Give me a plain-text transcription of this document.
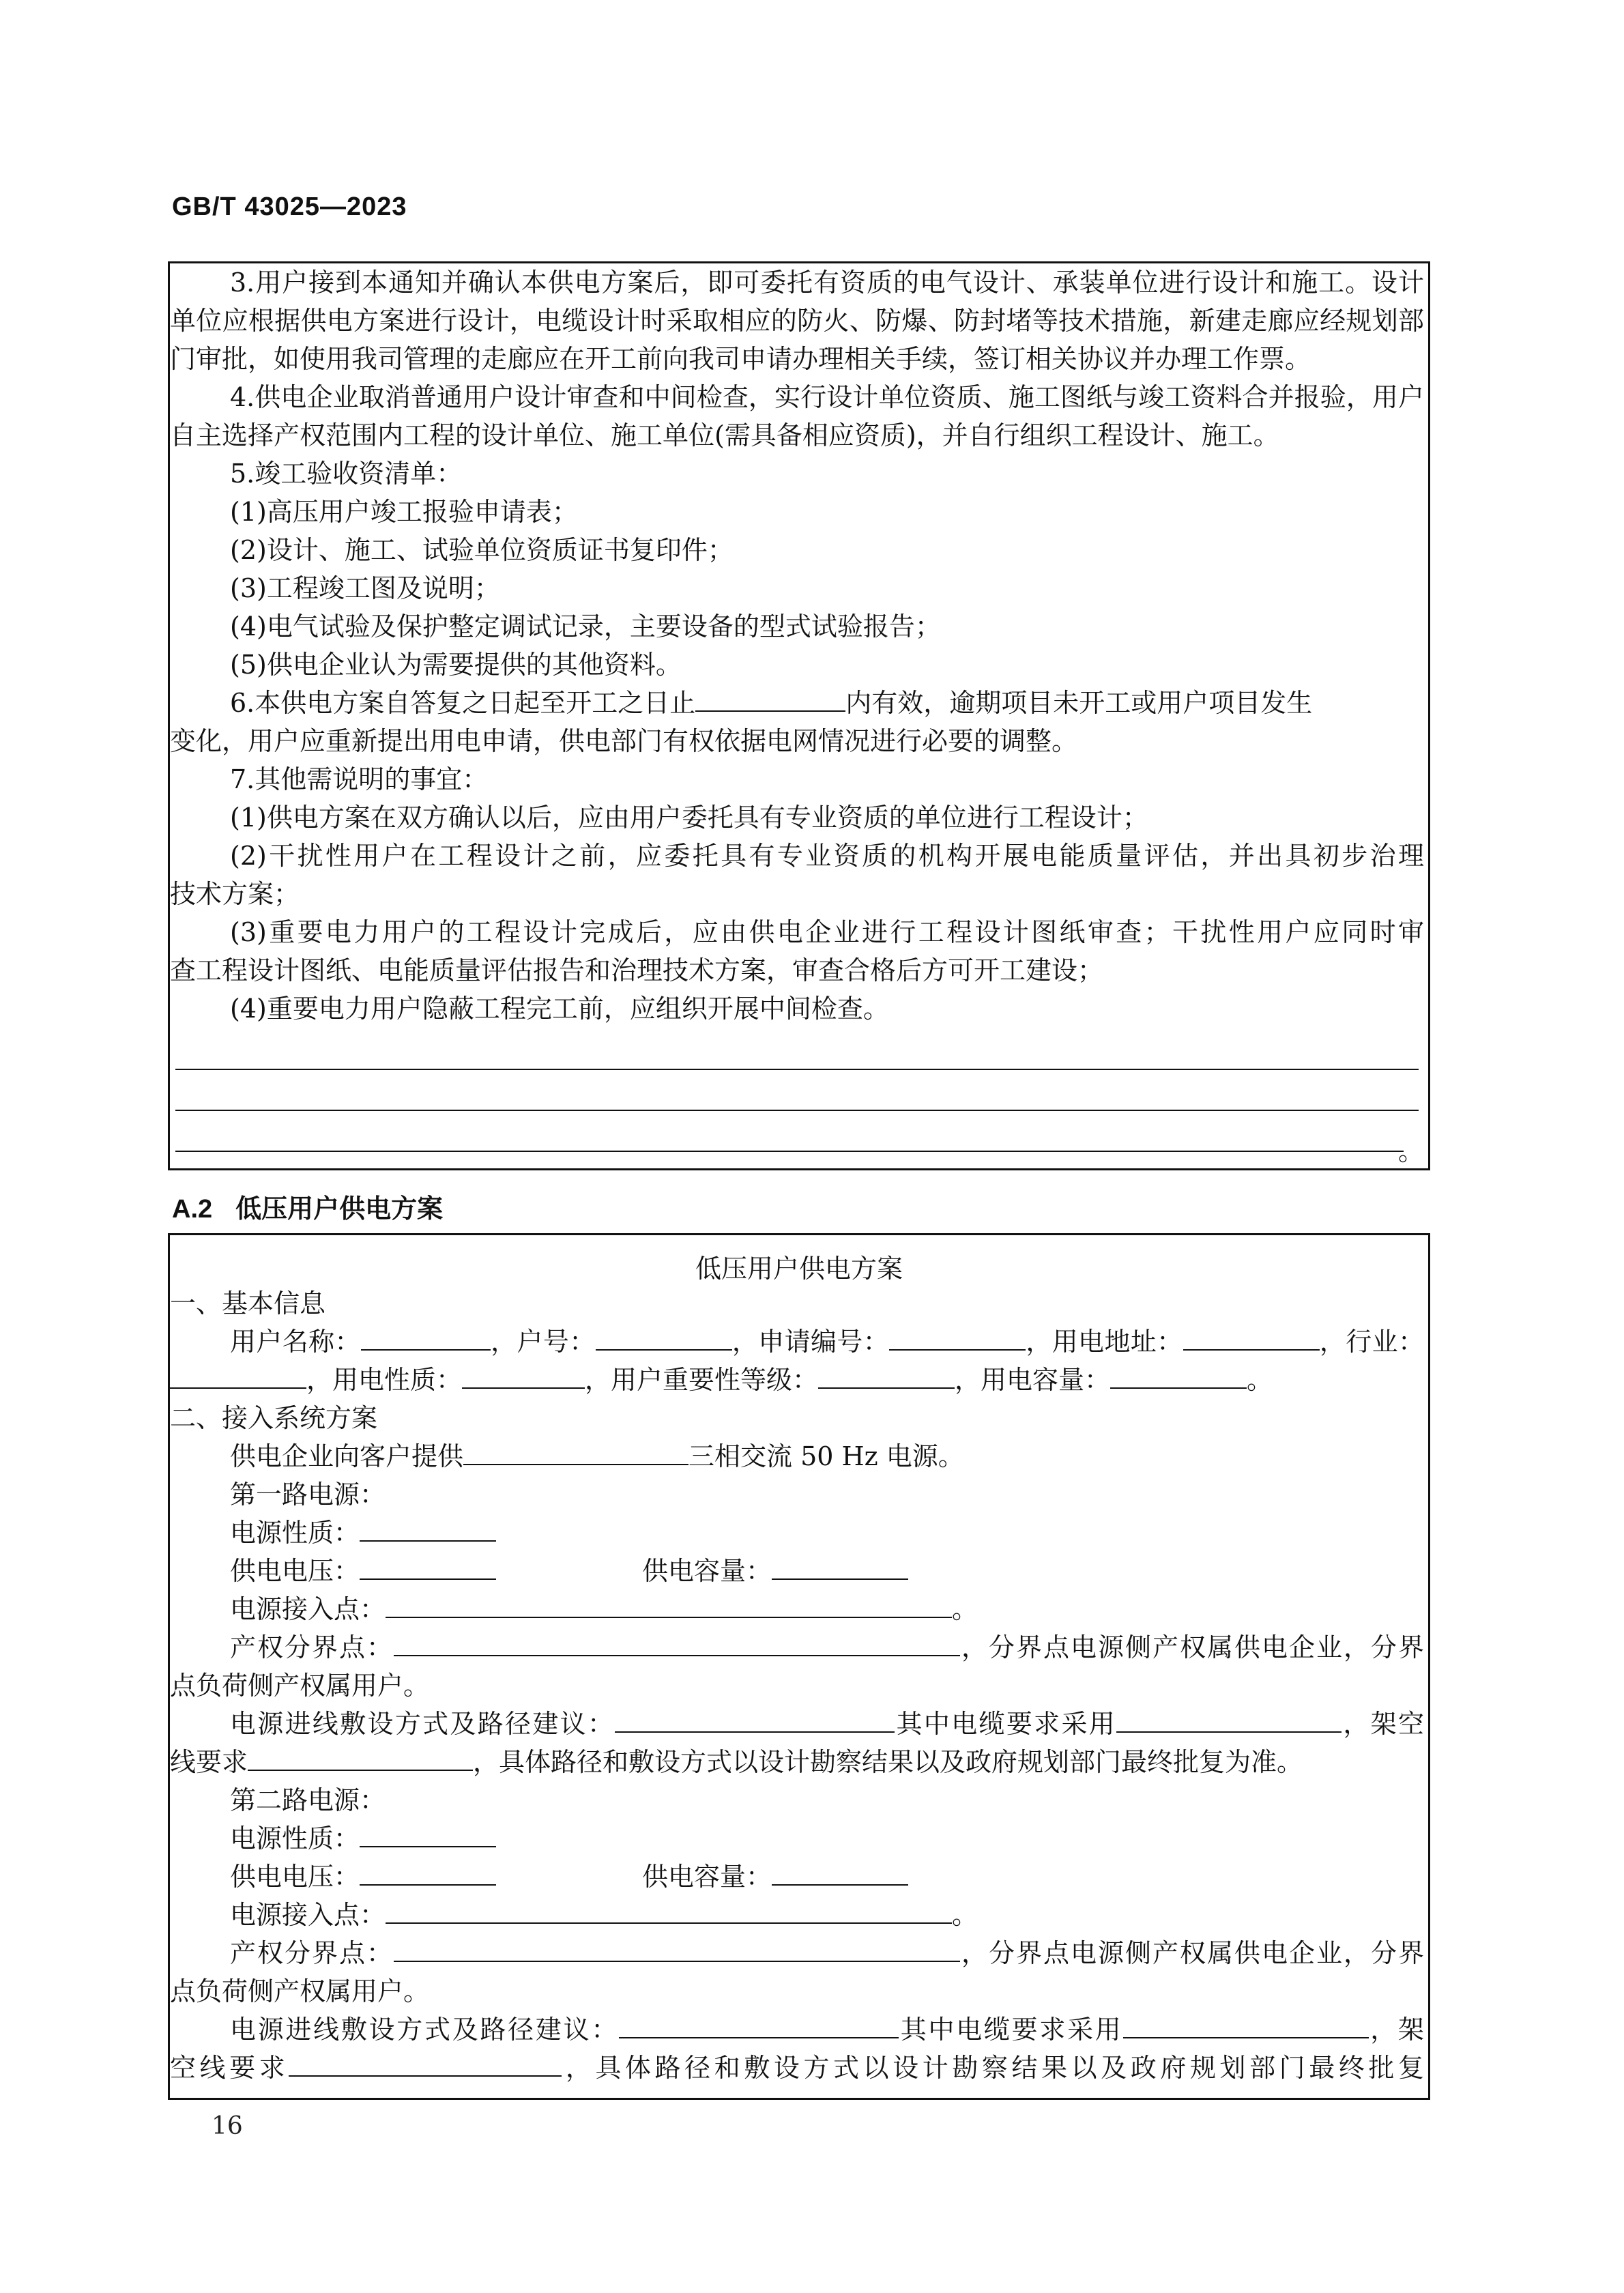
GB/T 43025—2023
3.用户接到本通知并确认本供电方案后，即可委托有资质的电气设计、承装单位进行设计和施工。设计
单位应根据供电方案进行设计，电缆设计时采取相应的防火、防爆、防封堵等技术措施，新建走廊应经规划部
门审批，如使用我司管理的走廊应在开工前向我司申请办理相关手续，签订相关协议并办理工作票。
4.供电企业取消普通用户设计审查和中间检查，实行设计单位资质、施工图纸与竣工资料合并报验，用户
自主选择产权范围内工程的设计单位、施工单位(需具备相应资质)，并自行组织工程设计、施工。
5.竣工验收资清单：
(1)高压用户竣工报验申请表；
(2)设计、施工、试验单位资质证书复印件；
(3)工程竣工图及说明；
(4)电气试验及保护整定调试记录，主要设备的型式试验报告；
(5)供电企业认为需要提供的其他资料。
6.本供电方案自答复之日起至开工之日止	内有效，逾期项目未开工或用户项目发生
变化，用户应重新提出用电申请，供电部门有权依据电网情况进行必要的调整。
7.其他需说明的事宜：
(1)供电方案在双方确认以后，应由用户委托具有专业资质的单位进行工程设计；
(2)干扰性用户在工程设计之前，应委托具有专业资质的机构开展电能质量评估，并出具初步治理
技术方案；
(3)重要电力用户的工程设计完成后，应由供电企业进行工程设计图纸审查；干扰性用户应同时审
查工程设计图纸、电能质量评估报告和治理技术方案，审查合格后方可开工建设；
(4)重要电力用户隐蔽工程完工前，应组织开展中间检查。
。
A.2 低压用户供电方案
低压用户供电方案
一、基本信息
用户名称：	，户号：	，申请编号：	，用电地址：	，行业：
，用电性质：	，用户重要性等级：	，用电容量：	。
二、接入系统方案
供电企业向客户提供	三相交流 50 Hz 电源。
第一路电源：
电源性质：
供电电压：	供电容量：
电源接入点：	。
产权分界点：	，分界点电源侧产权属供电企业，分界
点负荷侧产权属用户。
电源进线敷设方式及路径建议：	其中电缆要求采用	，架空
线要求	，具体路径和敷设方式以设计勘察结果以及政府规划部门最终批复为准。
第二路电源：
电源性质：
供电电压：	供电容量：
电源接入点：	。
产权分界点：	，分界点电源侧产权属供电企业，分界
点负荷侧产权属用户。
电源进线敷设方式及路径建议：	其中电缆要求采用	，架
空线要求	，具体路径和敷设方式以设计勘察结果以及政府规划部门最终批复
16
